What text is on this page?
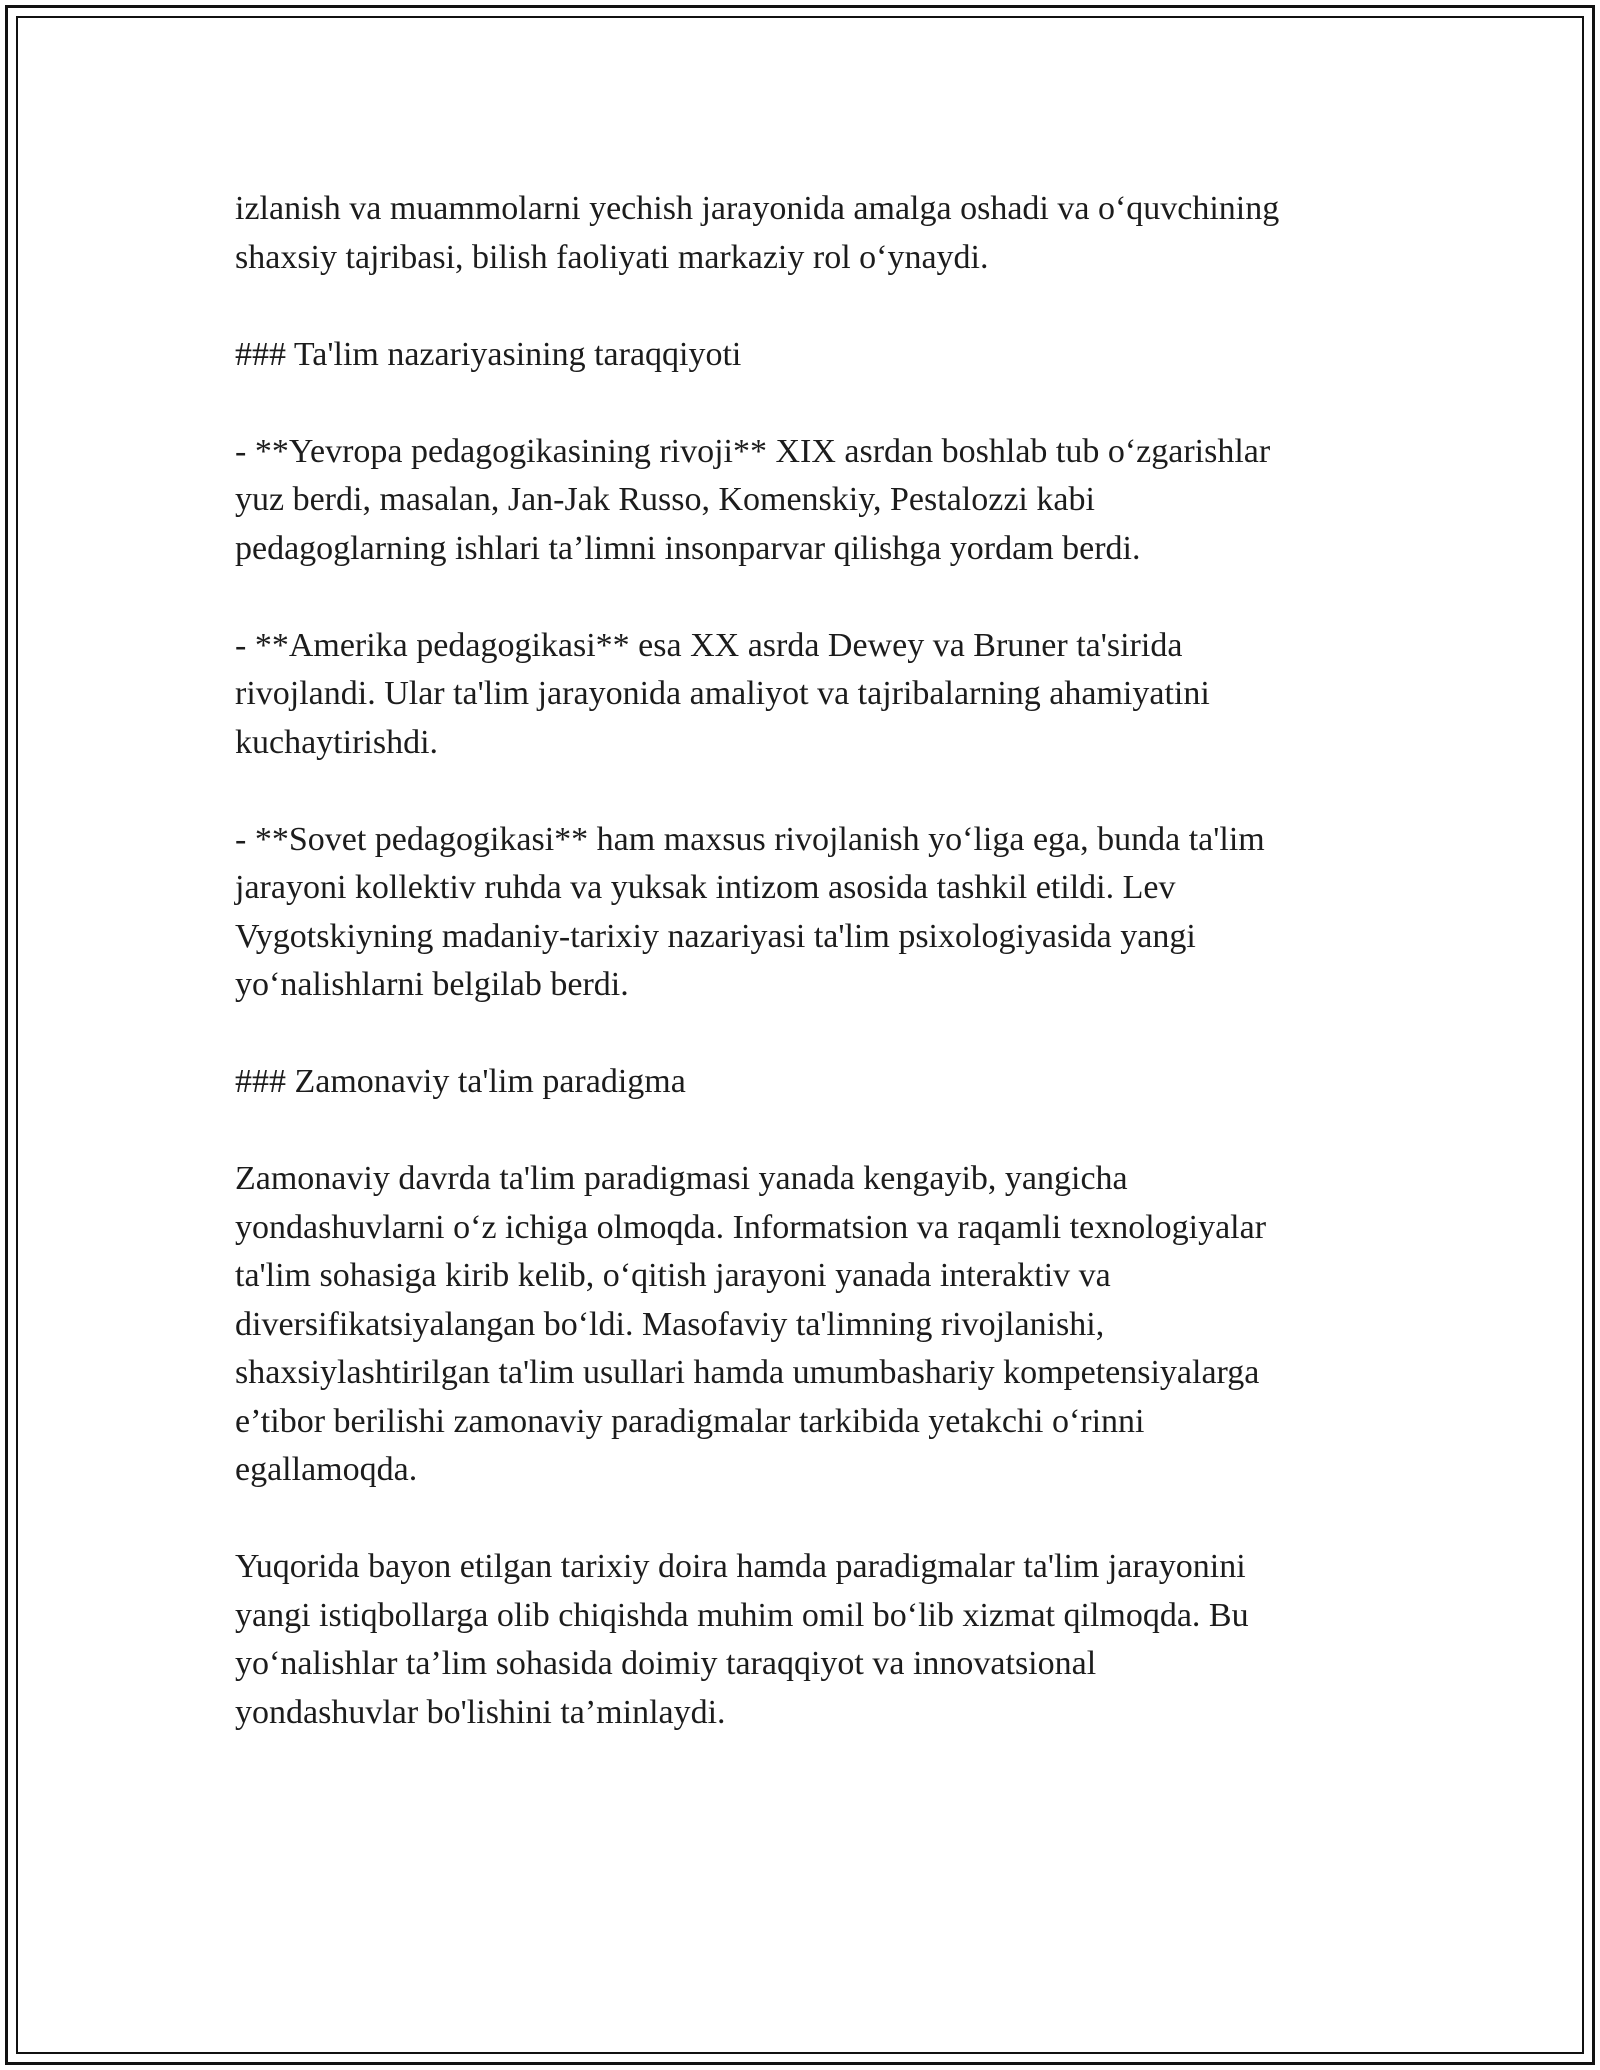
izlanish va muammolarni yechish jarayonida amalga oshadi va o‘quvchining
shaxsiy tajribasi, bilish faoliyati markaziy rol o‘ynaydi.
### Ta'lim nazariyasining taraqqiyoti
- **Yevropa pedagogikasining rivoji** XIX asrdan boshlab tub o‘zgarishlar
yuz berdi, masalan, Jan-Jak Russo, Komenskiy, Pestalozzi kabi
pedagoglarning ishlari ta’limni insonparvar qilishga yordam berdi.
- **Amerika pedagogikasi** esa XX asrda Dewey va Bruner ta'sirida
rivojlandi. Ular ta'lim jarayonida amaliyot va tajribalarning ahamiyatini
kuchaytirishdi.
- **Sovet pedagogikasi** ham maxsus rivojlanish yo‘liga ega, bunda ta'lim
jarayoni kollektiv ruhda va yuksak intizom asosida tashkil etildi. Lev
Vygotskiyning madaniy-tarixiy nazariyasi ta'lim psixologiyasida yangi
yo‘nalishlarni belgilab berdi.
### Zamonaviy ta'lim paradigma
Zamonaviy davrda ta'lim paradigmasi yanada kengayib, yangicha
yondashuvlarni o‘z ichiga olmoqda. Informatsion va raqamli texnologiyalar
ta'lim sohasiga kirib kelib, o‘qitish jarayoni yanada interaktiv va
diversifikatsiyalangan bo‘ldi. Masofaviy ta'limning rivojlanishi,
shaxsiylashtirilgan ta'lim usullari hamda umumbashariy kompetensiyalarga
e’tibor berilishi zamonaviy paradigmalar tarkibida yetakchi o‘rinni
egallamoqda.
Yuqorida bayon etilgan tarixiy doira hamda paradigmalar ta'lim jarayonini
yangi istiqbollarga olib chiqishda muhim omil bo‘lib xizmat qilmoqda. Bu
yo‘nalishlar ta’lim sohasida doimiy taraqqiyot va innovatsional
yondashuvlar bo'lishini ta’minlaydi.
